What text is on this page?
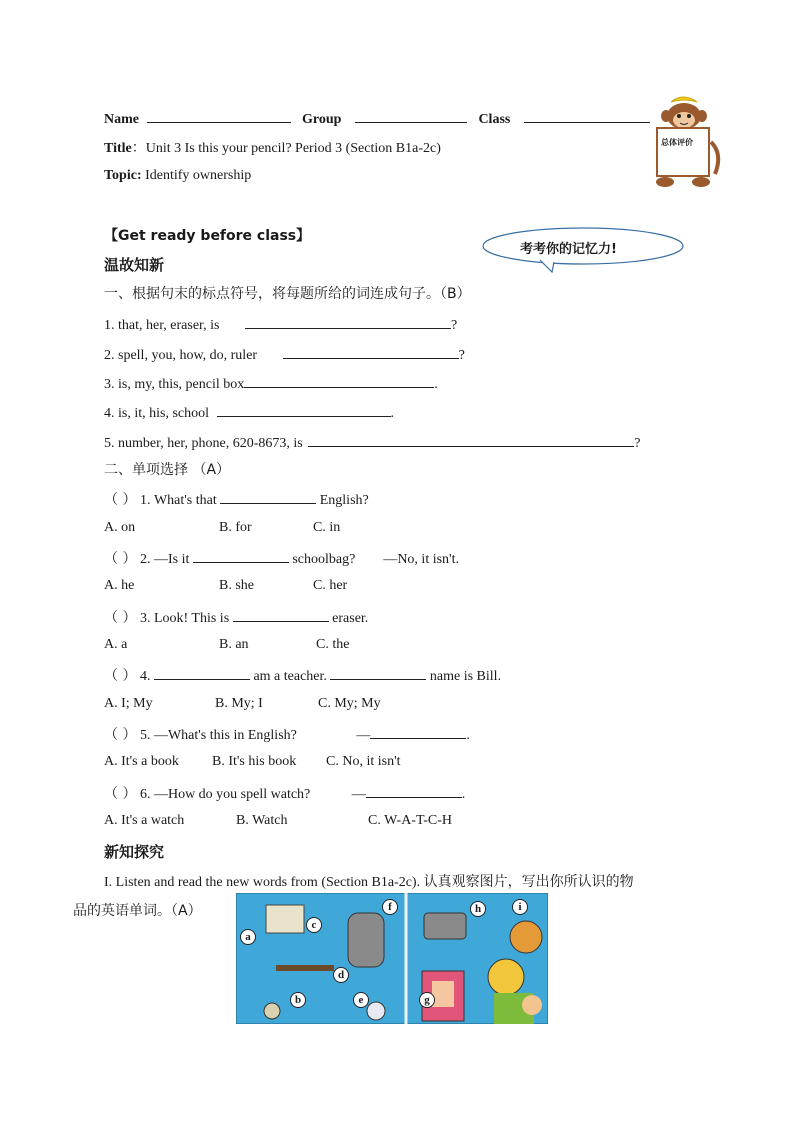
Name	Group	Class
Title：Unit 3 Is this your pencil? Period 3 (Section B1a-2c)
Topic: Identify ownership
总体评价
【Get ready before class】
考考你的记忆力!
温故知新
一、根据句末的标点符号，将每题所给的词连成句子。（B）
1. that, her, eraser, is	?
2. spell, you, how, do, ruler	?
3. is, my, this, pencil box	.
4. is, it, his, school	.
5. number, her, phone, 620-8673, is	?
二、单项选择 （A）
（ ） 1. What's that	English?
A. on	B. for	C. in
（ ） 2. —Is it	schoolbag?        —No, it isn't.
A. he	B. she	C. her
（ ） 3. Look! This is	eraser.
A. a	B. an	C. the
（ ） 4.	am a teacher.	name is Bill.
A. I; My	B. My; I	C. My; My
（ ） 5. —What's this in English?	—	.
A. It's a book B. It's his book C. No, it isn't
（ ） 6. —How do you spell watch?	—	.
A. It's a watch	B. Watch	C. W-A-T-C-H
新知探究
I. Listen and read the new words from (Section B1a-2c). 认真观察图片，写出你所认识的物
品的英语单词。（A）
a
b
c
d
e
f
g
h	i
